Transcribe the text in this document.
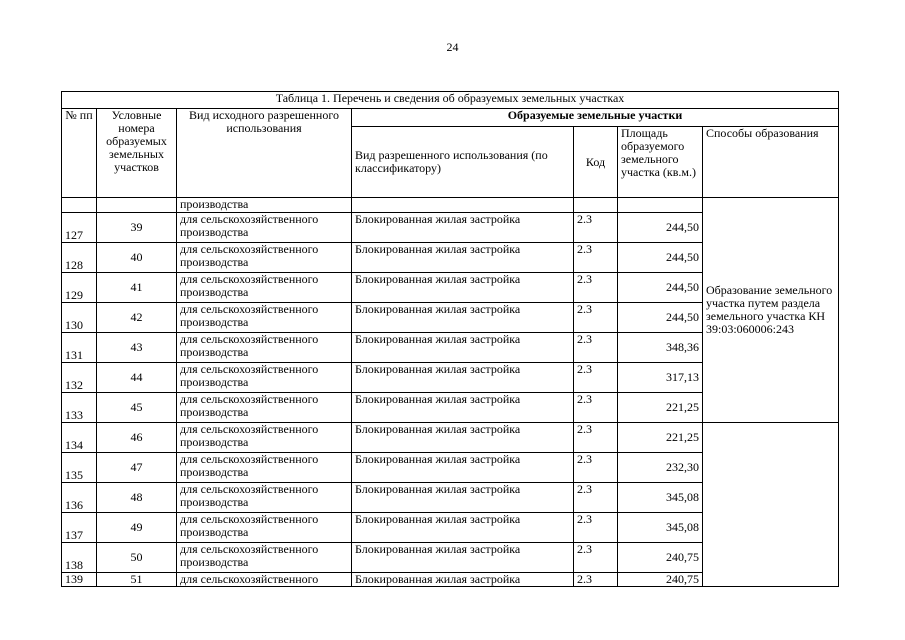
24
Таблица 1. Перечень и сведения об образуемых земельных участках						
№ пп	Условные номера образуемых земельных участков	Вид исходного разрешенного использования	Образуемые земельные участки			
			Вид разрешенного использования (по классификатору)	Код	Площадь образуемого земельного участка (кв.м.)	Способы образования
		производства				Образование земельного участка путем раздела земельного участка КН 39:03:060006:243
127	39	для сельскохозяйственного производства	Блокированная жилая застройка	2.3	244,50	
128	40	для сельскохозяйственного производства	Блокированная жилая застройка	2.3	244,50	
129	41	для сельскохозяйственного производства	Блокированная жилая застройка	2.3	244,50	
130	42	для сельскохозяйственного производства	Блокированная жилая застройка	2.3	244,50	
131	43	для сельскохозяйственного производства	Блокированная жилая застройка	2.3	348,36	
132	44	для сельскохозяйственного производства	Блокированная жилая застройка	2.3	317,13	
133	45	для сельскохозяйственного производства	Блокированная жилая застройка	2.3	221,25	
134	46	для сельскохозяйственного производства	Блокированная жилая застройка	2.3	221,25	
135	47	для сельскохозяйственного производства	Блокированная жилая застройка	2.3	232,30	
136	48	для сельскохозяйственного производства	Блокированная жилая застройка	2.3	345,08	
137	49	для сельскохозяйственного производства	Блокированная жилая застройка	2.3	345,08	
138	50	для сельскохозяйственного производства	Блокированная жилая застройка	2.3	240,75	
139	51	для сельскохозяйственного	Блокированная жилая застройка	2.3	240,75	
